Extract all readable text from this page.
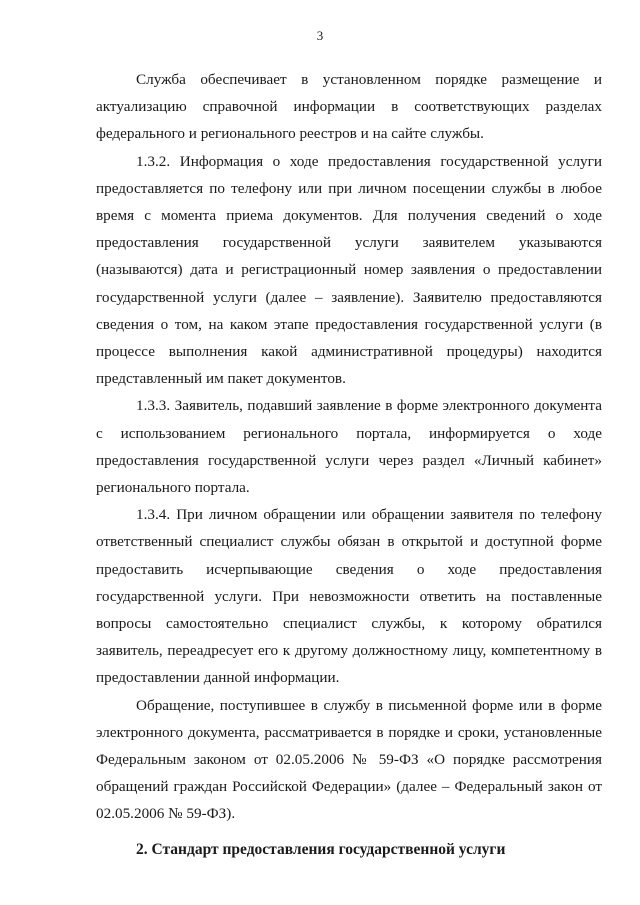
3

Служба обеспечивает в установленном порядке размещение и актуализацию справочной информации в соответствующих разделах федерального и регионального реестров и на сайте службы.

1.3.2. Информация о ходе предоставления государственной услуги предоставляется по телефону или при личном посещении службы в любое время с момента приема документов. Для получения сведений о ходе предоставления государственной услуги заявителем указываются (называются) дата и регистрационный номер заявления о предоставлении государственной услуги (далее – заявление). Заявителю предоставляются сведения о том, на каком этапе предоставления государственной услуги (в процессе выполнения какой административной процедуры) находится представленный им пакет документов.

1.3.3. Заявитель, подавший заявление в форме электронного документа с использованием регионального портала, информируется о ходе предоставления государственной услуги через раздел «Личный кабинет» регионального портала.

1.3.4. При личном обращении или обращении заявителя по телефону ответственный специалист службы обязан в открытой и доступной форме предоставить исчерпывающие сведения о ходе предоставления государственной услуги. При невозможности ответить на поставленные вопросы самостоятельно специалист службы, к которому обратился заявитель, переадресует его к другому должностному лицу, компетентному в предоставлении данной информации.

Обращение, поступившее в службу в письменной форме или в форме электронного документа, рассматривается в порядке и сроки, установленные Федеральным законом от 02.05.2006 № 59-ФЗ «О порядке рассмотрения обращений граждан Российской Федерации» (далее – Федеральный закон от 02.05.2006 № 59-ФЗ).

2. Стандарт предоставления государственной услуги
